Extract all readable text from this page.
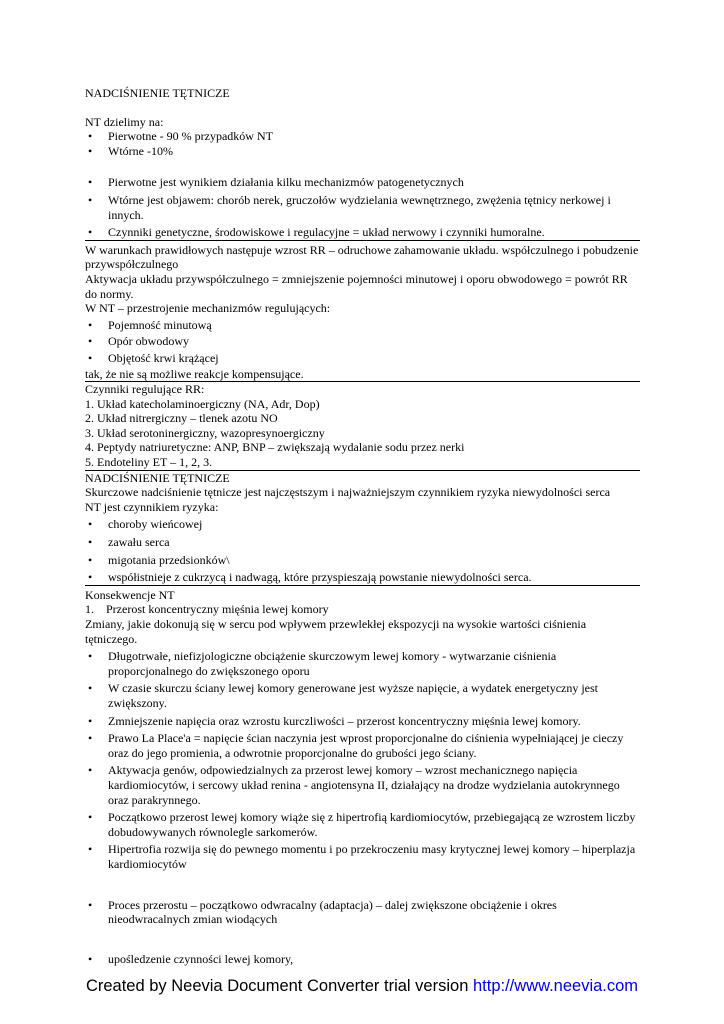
NADCIŚNIENIE TĘTNICZE

NT dzielimy na:

• Pierwotne - 90 % przypadków NT
• Wtórne -10%
• Pierwotne jest wynikiem działania kilku mechanizmów patogenetycznych
• Wtórne jest objawem: chorób nerek, gruczołów wydzielania wewnętrznego, zwężenia tętnicy nerkowej i innych.
• Czynniki genetyczne, środowiskowe i regulacyjne = układ nerwowy i czynniki humoralne.

W warunkach prawidłowych następuje wzrost RR – odruchowe zahamowanie układu. współczulnego i pobudzenie przywspółczulnego

Aktywacja układu przywspółczulnego = zmniejszenie pojemności minutowej i oporu obwodowego = powrót RR do normy.

W NT – przestrojenie mechanizmów regulujących:

• Pojemność minutową
• Opór obwodowy
• Objętość krwi krążącej

tak, że nie są możliwe reakcje kompensujące.

Czynniki regulujące RR:

1. Układ katecholaminoergiczny (NA, Adr, Dop)

2. Układ nitrergiczny – tlenek azotu NO

3. Układ serotoninergiczny, wazopresynoergiczny

4. Peptydy natriuretyczne: ANP, BNP – zwiększają wydalanie sodu przez nerki

5. Endoteliny ET – 1, 2, 3.

NADCIŚNIENIE TĘTNICZE

Skurczowe nadciśnienie tętnicze jest najczęstszym i najważniejszym czynnikiem ryzyka niewydolności serca

NT jest czynnikiem ryzyka:

• choroby wieńcowej
• zawału serca
• migotania przedsionków\
• współistnieje z cukrzycą i nadwagą, które przyspieszają powstanie niewydolności serca.

Konsekwencje NT

1.    Przerost koncentryczny mięśnia lewej komory

Zmiany, jakie dokonują się w sercu pod wpływem przewlekłej ekspozycji na wysokie wartości ciśnienia tętniczego.

• Długotrwałe, niefizjologiczne obciążenie skurczowym lewej komory - wytwarzanie ciśnienia proporcjonalnego do zwiększonego oporu
• W czasie skurczu ściany lewej komory generowane jest wyższe napięcie, a wydatek energetyczny jest zwiększony.
• Zmniejszenie napięcia oraz wzrostu kurczliwości – przerost koncentryczny mięśnia lewej komory.
• Prawo La Place'a = napięcie ścian naczynia jest wprost proporcjonalne do ciśnienia wypełniającej je cieczy oraz do jego promienia, a odwrotnie proporcjonalne do grubości jego ściany.
• Aktywacja genów, odpowiedzialnych za przerost lewej komory – wzrost mechanicznego napięcia kardiomiocytów, i sercowy układ renina - angiotensyna II, działający na drodze wydzielania autokrynnego oraz parakrynnego.
• Początkowo przerost lewej komory wiąże się z hipertrofią kardiomiocytów, przebiegającą ze wzrostem liczby dobudowywanych równolegle sarkomerów.
• Hipertrofia rozwija się do pewnego momentu i po przekroczeniu masy krytycznej lewej komory – hiperplazja kardiomiocytów
• Proces przerostu – początkowo odwracalny (adaptacja) – dalej zwiększone obciążenie i okres nieodwracalnych zmian wiodących
• upośledzenie czynności lewej komory,
Created by Neevia Document Converter trial version http://www.neevia.com
